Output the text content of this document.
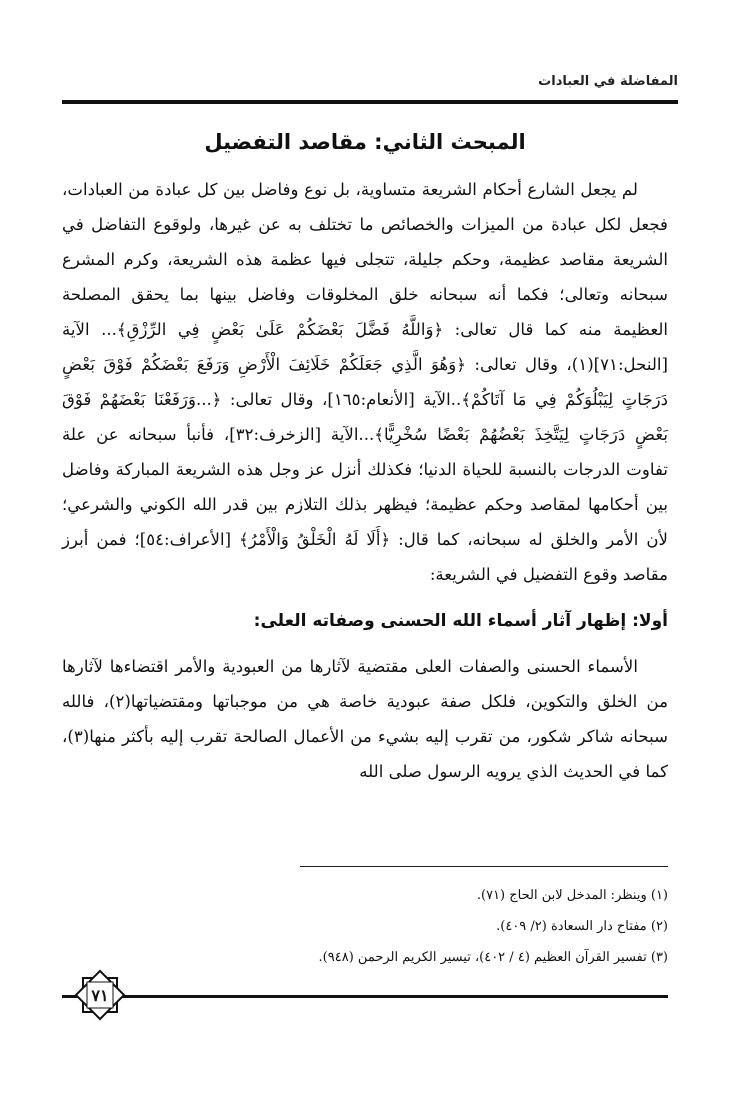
المفاضلة في العبادات
المبحث الثاني: مقاصد التفضيل

لم يجعل الشارع أحكام الشريعة متساوية، بل نوع وفاضل بين كل عبادة من العبادات، فجعل لكل عبادة من الميزات والخصائص ما تختلف به عن غيرها، ولوقوع التفاضل في الشريعة مقاصد عظيمة، وحكم جليلة، تتجلى فيها عظمة هذه الشريعة، وكرم المشرع سبحانه وتعالى؛ فكما أنه سبحانه خلق المخلوقات وفاضل بينها بما يحقق المصلحة العظيمة منه كما قال تعالى: ﴿وَاللَّهُ فَضَّلَ بَعْضَكُمْ عَلَىٰ بَعْضٍ فِي الرِّزْقِ﴾... الآية [النحل:٧١](١)، وقال تعالى: ﴿وَهُوَ الَّذِي جَعَلَكُمْ خَلَائِفَ الْأَرْضِ وَرَفَعَ بَعْضَكُمْ فَوْقَ بَعْضٍ دَرَجَاتٍ لِيَبْلُوَكُمْ فِي مَا آتَاكُمْ﴾..الآية [الأنعام:١٦٥]، وقال تعالى: ﴿...وَرَفَعْنَا بَعْضَهُمْ فَوْقَ بَعْضٍ دَرَجَاتٍ لِيَتَّخِذَ بَعْضُهُمْ بَعْضًا سُخْرِيًّا﴾...الآية [الزخرف:٣٢]، فأنبأ سبحانه عن علة تفاوت الدرجات بالنسبة للحياة الدنيا؛ فكذلك أنزل عز وجل هذه الشريعة المباركة وفاضل بين أحكامها لمقاصد وحكم عظيمة؛ فيظهر بذلك التلازم بين قدر الله الكوني والشرعي؛ لأن الأمر والخلق له سبحانه، كما قال: ﴿أَلَا لَهُ الْخَلْقُ وَالْأَمْرُ﴾ [الأعراف:٥٤]؛ فمن أبرز مقاصد وقوع التفضيل في الشريعة:

أولا: إظهار آثار أسماء الله الحسنى وصفاته العلى:

الأسماء الحسنى والصفات العلى مقتضية لآثارها من العبودية والأمر اقتضاءها لآثارها من الخلق والتكوين، فلكل صفة عبودية خاصة هي من موجباتها ومقتضياتها(٢)، فالله سبحانه شاكر شكور، من تقرب إليه بشيء من الأعمال الصالحة تقرب إليه بأكثر منها(٣)، كما في الحديث الذي يرويه الرسول صلى الله

(١) وينظر: المدخل لابن الحاج (٧١).
(٢) مفتاح دار السعادة (٢/ ٤٠٩).
(٣) تفسير القرآن العظيم (٤ / ٤٠٢)، تيسير الكريم الرحمن (٩٤٨).
٧١
